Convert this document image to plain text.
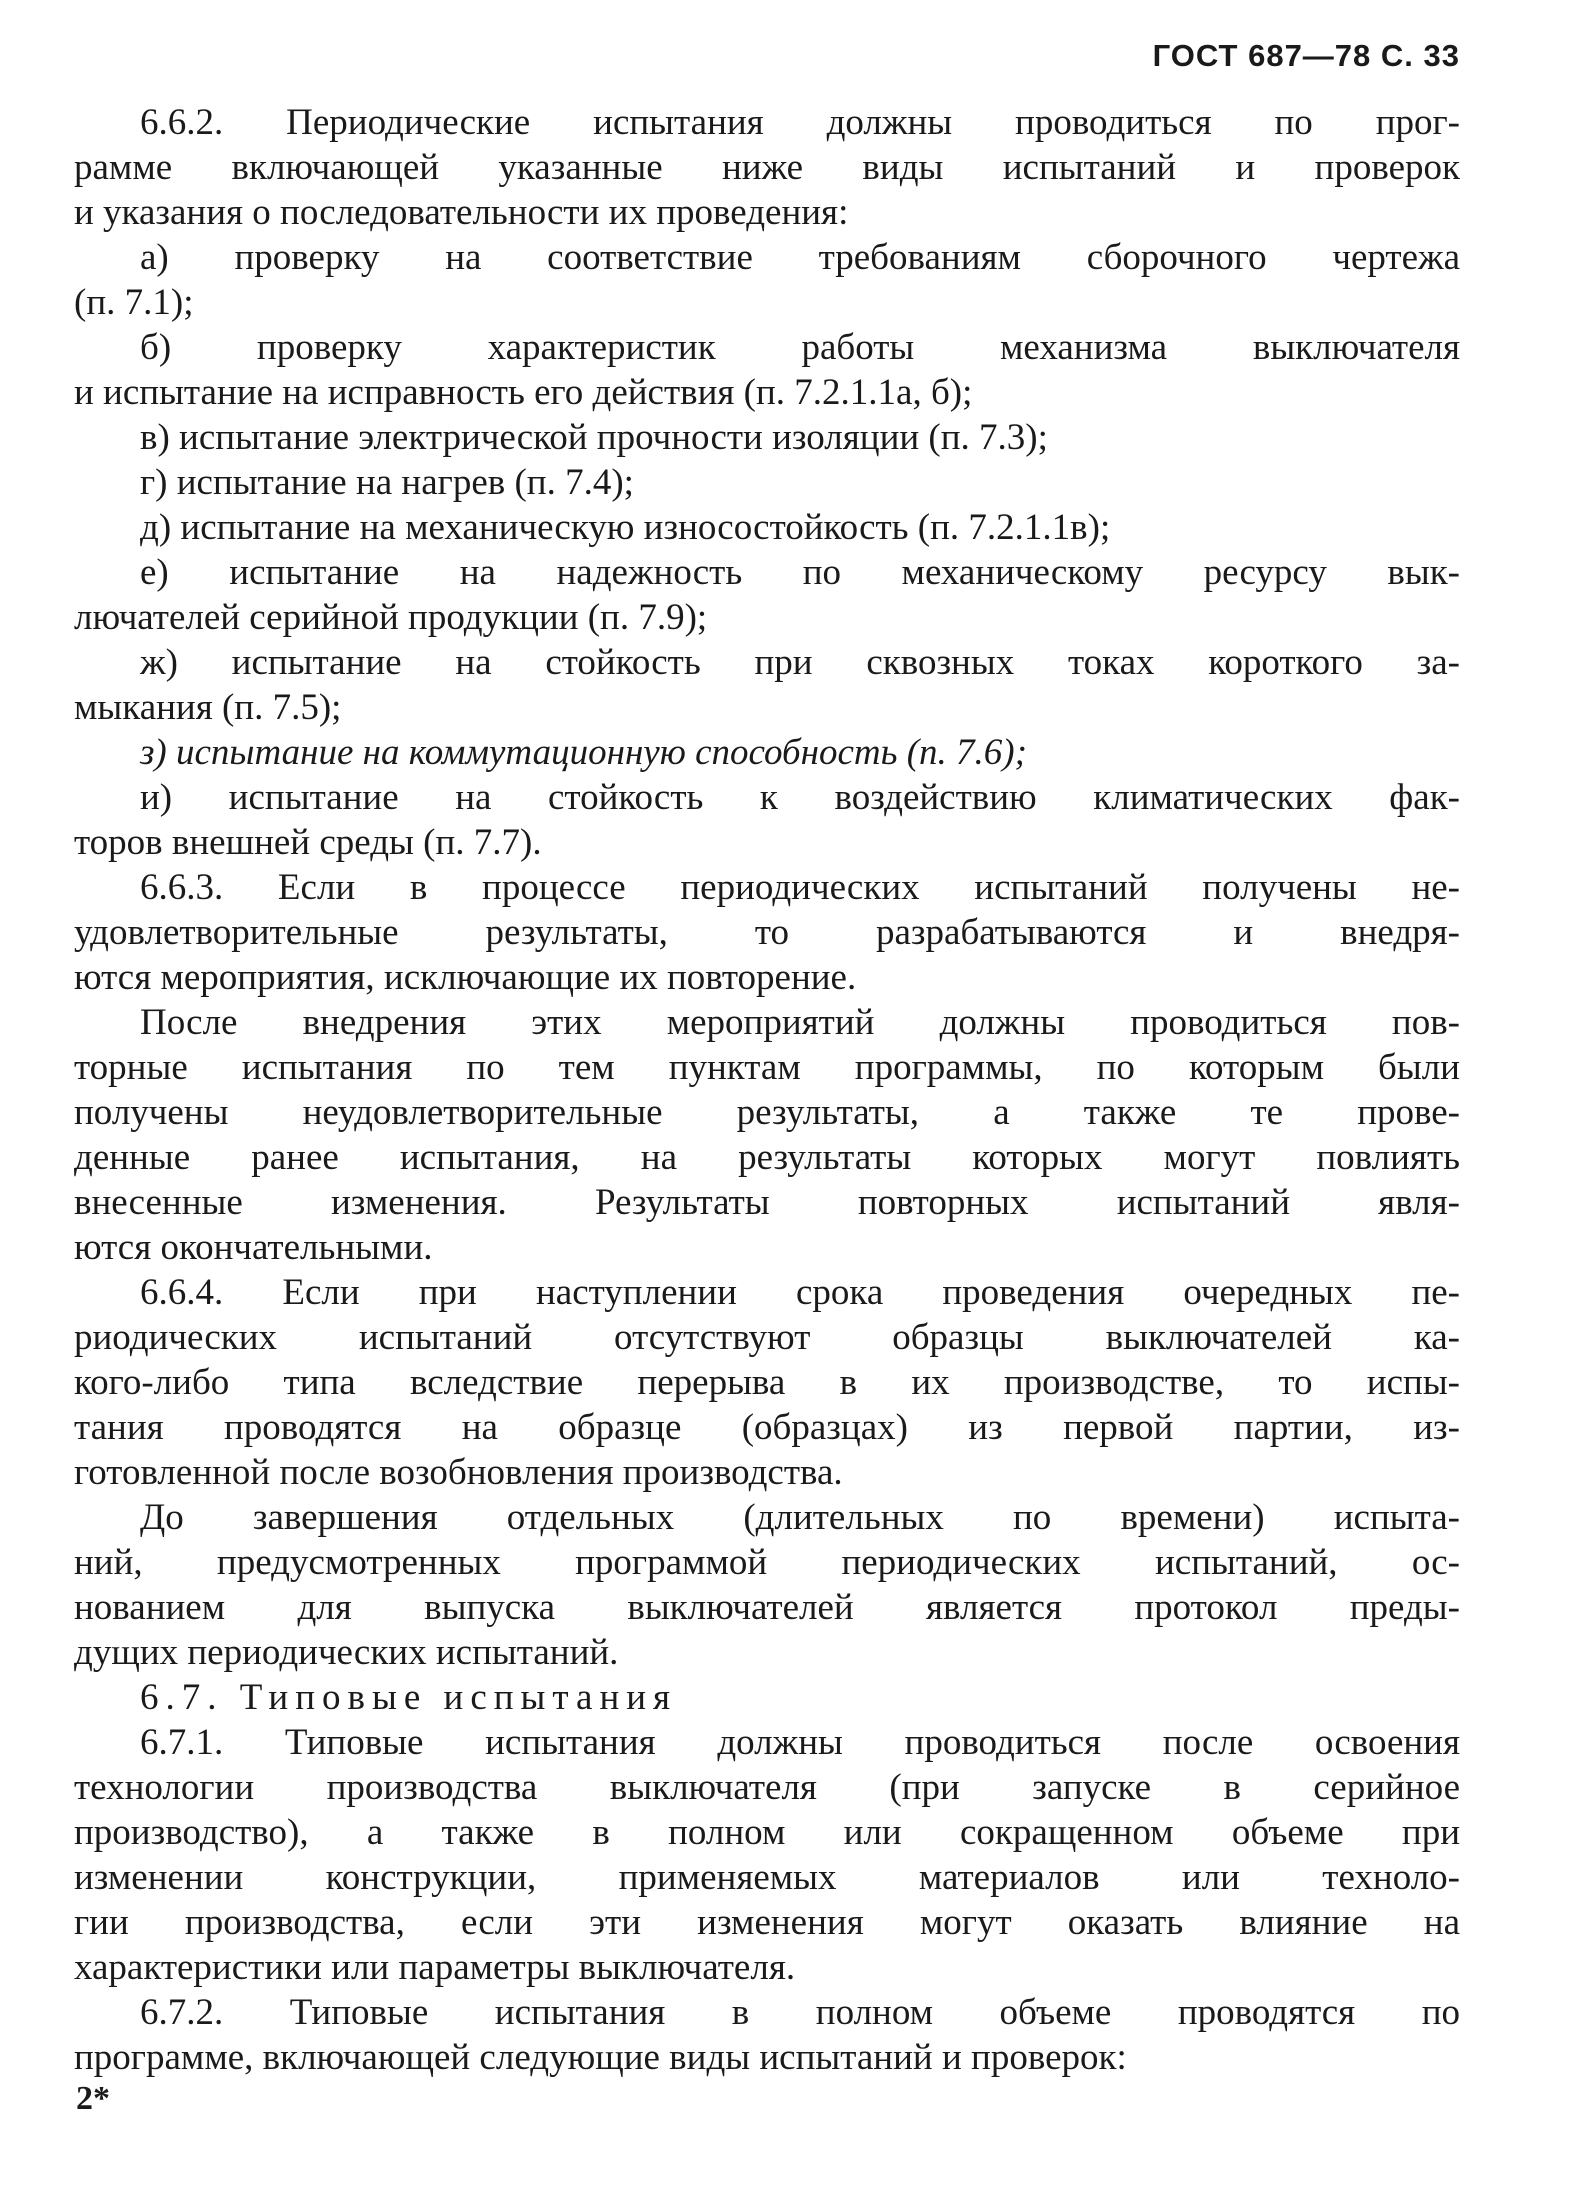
ГОСТ 687—78 С. 33

6.6.2. Периодические испытания должны проводиться по прог-
рамме включающей указанные ниже виды испытаний и проверок
и указания о последовательности их проведения:

а) проверку на соответствие требованиям сборочного чертежа
(п. 7.1);

б) проверку характеристик работы механизма выключателя
и испытание на исправность его действия (п. 7.2.1.1а, б);

в) испытание электрической прочности изоляции (п. 7.3);

г) испытание на нагрев (п. 7.4);

д) испытание на механическую износостойкость (п. 7.2.1.1в);

е) испытание на надежность по механическому ресурсу вык-
лючателей серийной продукции (п. 7.9);

ж) испытание на стойкость при сквозных токах короткого за-
мыкания (п. 7.5);

з) испытание на коммутационную способность (п. 7.6);

и) испытание на стойкость к воздействию климатических фак-
торов внешней среды (п. 7.7).

6.6.3. Если в процессе периодических испытаний получены не-
удовлетворительные результаты, то разрабатываются и внедря-
ются мероприятия, исключающие их повторение.

После внедрения этих мероприятий должны проводиться пов-
торные испытания по тем пунктам программы, по которым были
получены неудовлетворительные результаты, а также те прове-
денные ранее испытания, на результаты которых могут повлиять
внесенные изменения. Результаты повторных испытаний явля-
ются окончательными.

6.6.4. Если при наступлении срока проведения очередных пе-
риодических испытаний отсутствуют образцы выключателей ка-
кого-либо типа вследствие перерыва в их производстве, то испы-
тания проводятся на образце (образцах) из первой партии, из-
готовленной после возобновления производства.

До завершения отдельных (длительных по времени) испыта-
ний, предусмотренных программой периодических испытаний, ос-
нованием для выпуска выключателей является протокол преды-
дущих периодических испытаний.

6.7. Типовые испытания

6.7.1. Типовые испытания должны проводиться после освоения
технологии производства выключателя (при запуске в серийное
производство), а также в полном или сокращенном объеме при
изменении конструкции, применяемых материалов или техноло-
гии производства, если эти изменения могут оказать влияние на
характеристики или параметры выключателя.

6.7.2. Типовые испытания в полном объеме проводятся по
программе, включающей следующие виды испытаний и проверок:

2*
